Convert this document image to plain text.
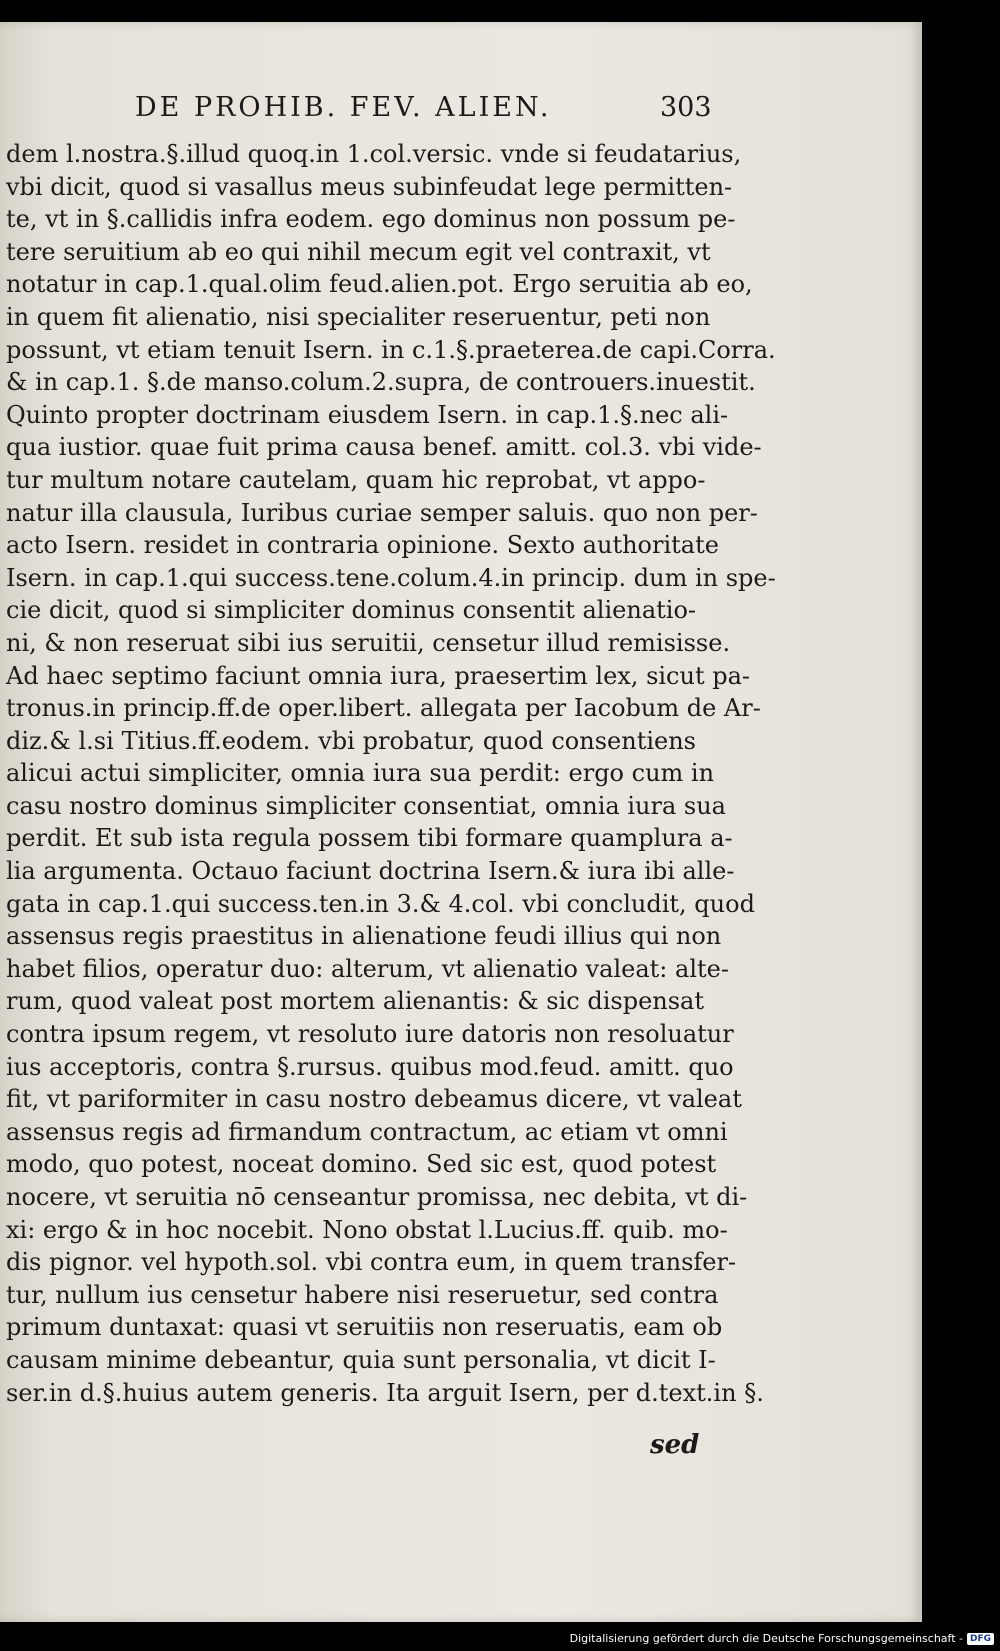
DE PROHIB. FEV. ALIEN.	303
dem l.nostra.§.illud quoq.in 1.col.versic. vnde si feudatarius,
vbi dicit, quod si vasallus meus subinfeudat lege permitten-
te, vt in §.callidis infra eodem. ego dominus non possum pe-
tere seruitium ab eo qui nihil mecum egit vel contraxit, vt
notatur in cap.1.qual.olim feud.alien.pot. Ergo seruitia ab eo,
in quem fit alienatio, nisi specialiter reseruentur, peti non
possunt, vt etiam tenuit Isern. in c.1.§.praeterea.de capi.Corra.
& in cap.1. §.de manso.colum.2.supra, de controuers.inuestit.
Quinto propter doctrinam eiusdem Isern. in cap.1.§.nec ali-
qua iustior. quae fuit prima causa benef. amitt. col.3. vbi vide-
tur multum notare cautelam, quam hic reprobat, vt appo-
natur illa clausula, Iuribus curiae semper saluis. quo non per-
acto Isern. residet in contraria opinione. Sexto authoritate
Isern. in cap.1.qui success.tene.colum.4.in princip. dum in spe-
cie dicit, quod si simpliciter dominus consentit alienatio-
ni, & non reseruat sibi ius seruitii, censetur illud remisisse.
Ad haec septimo faciunt omnia iura, praesertim lex, sicut pa-
tronus.in princip.ff.de oper.libert. allegata per Iacobum de Ar-
diz.& l.si Titius.ff.eodem. vbi probatur, quod consentiens
alicui actui simpliciter, omnia iura sua perdit: ergo cum in
casu nostro dominus simpliciter consentiat, omnia iura sua
perdit. Et sub ista regula possem tibi formare quamplura a-
lia argumenta. Octauo faciunt doctrina Isern.& iura ibi alle-
gata in cap.1.qui success.ten.in 3.& 4.col. vbi concludit, quod
assensus regis praestitus in alienatione feudi illius qui non
habet filios, operatur duo: alterum, vt alienatio valeat: alte-
rum, quod valeat post mortem alienantis: & sic dispensat
contra ipsum regem, vt resoluto iure datoris non resoluatur
ius acceptoris, contra §.rursus. quibus mod.feud. amitt. quo
fit, vt pariformiter in casu nostro debeamus dicere, vt valeat
assensus regis ad firmandum contractum, ac etiam vt omni
modo, quo potest, noceat domino. Sed sic est, quod potest
nocere, vt seruitia nō censeantur promissa, nec debita, vt di-
xi: ergo & in hoc nocebit. Nono obstat l.Lucius.ff. quib. mo-
dis pignor. vel hypoth.sol. vbi contra eum, in quem transfer-
tur, nullum ius censetur habere nisi reseruetur, sed contra
primum duntaxat: quasi vt seruitiis non reseruatis, eam ob
causam minime debeantur, quia sunt personalia, vt dicit I-
ser.in d.§.huius autem generis. Ita arguit Isern, per d.text.in §.
sed
Digitalisierung gefördert durch die Deutsche Forschungsgemeinschaft - DFG
